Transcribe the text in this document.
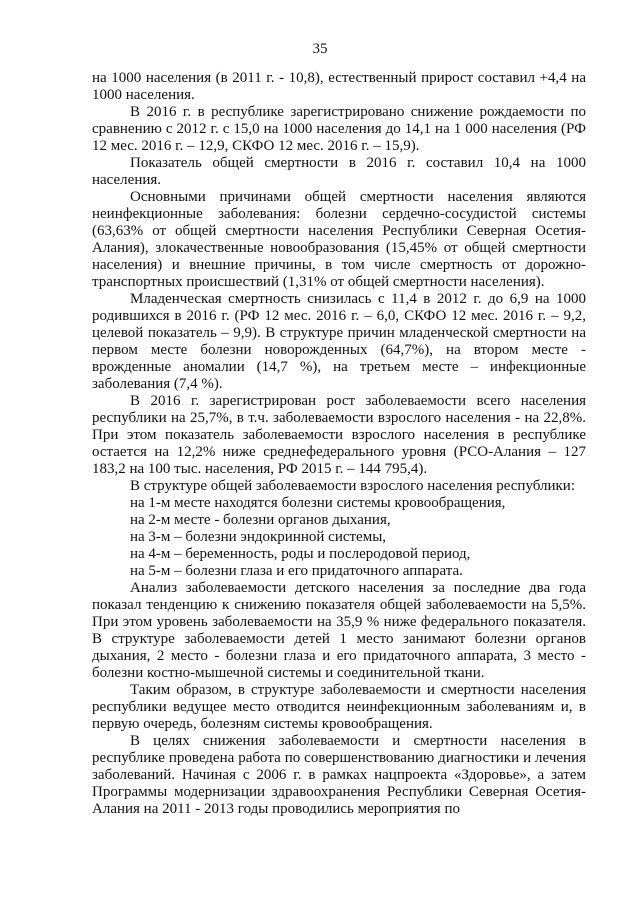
35

на 1000 населения (в 2011 г. - 10,8), естественный прирост составил +4,4 на 1000 населения.

В 2016 г. в республике зарегистрировано снижение рождаемости по сравнению с 2012 г. с 15,0 на 1000 населения до 14,1 на 1 000 населения (РФ 12 мес. 2016 г. – 12,9, СКФО 12 мес. 2016 г. – 15,9).

Показатель общей смертности в 2016 г. составил 10,4 на 1000 населения.

Основными причинами общей смертности населения являются неинфекционные заболевания: болезни сердечно-сосудистой системы (63,63% от общей смертности населения Республики Северная Осетия-Алания), злокачественные новообразования (15,45% от общей смертности населения) и внешние причины, в том числе смертность от дорожно-транспортных происшествий (1,31% от общей смертности населения).

Младенческая смертность снизилась с 11,4 в 2012 г. до 6,9 на 1000 родившихся в 2016 г. (РФ 12 мес. 2016 г. – 6,0, СКФО 12 мес. 2016 г. – 9,2, целевой показатель – 9,9). В структуре причин младенческой смертности на первом месте болезни новорожденных (64,7%), на втором месте - врожденные аномалии (14,7 %), на третьем месте – инфекционные заболевания (7,4 %).

В 2016 г. зарегистрирован рост заболеваемости всего населения республики на 25,7%, в т.ч. заболеваемости взрослого населения - на 22,8%. При этом показатель заболеваемости взрослого населения в республике остается на 12,2% ниже среднефедерального уровня (РСО-Алания – 127 183,2 на 100 тыс. населения, РФ 2015 г. – 144 795,4).

В структуре общей заболеваемости взрослого населения республики:

на 1-м месте находятся болезни системы кровообращения,

на 2-м месте - болезни органов дыхания,

на 3-м – болезни эндокринной системы,

на 4-м – беременность, роды и послеродовой период,

на 5-м – болезни глаза и его придаточного аппарата.

Анализ заболеваемости детского населения за последние два года показал тенденцию к снижению показателя общей заболеваемости на 5,5%. При этом уровень заболеваемости на 35,9 % ниже федерального показателя. В структуре заболеваемости детей 1 место занимают болезни органов дыхания, 2 место - болезни глаза и его придаточного аппарата, 3 место - болезни костно-мышечной системы и соединительной ткани.

Таким образом, в структуре заболеваемости и смертности населения республики ведущее место отводится неинфекционным заболеваниям и, в первую очередь, болезням системы кровообращения.

В целях снижения заболеваемости и смертности населения в республике проведена работа по совершенствованию диагностики и лечения заболеваний. Начиная с 2006 г. в рамках нацпроекта «Здоровье», а затем Программы модернизации здравоохранения Республики Северная Осетия-Алания на 2011 - 2013 годы проводились мероприятия по
